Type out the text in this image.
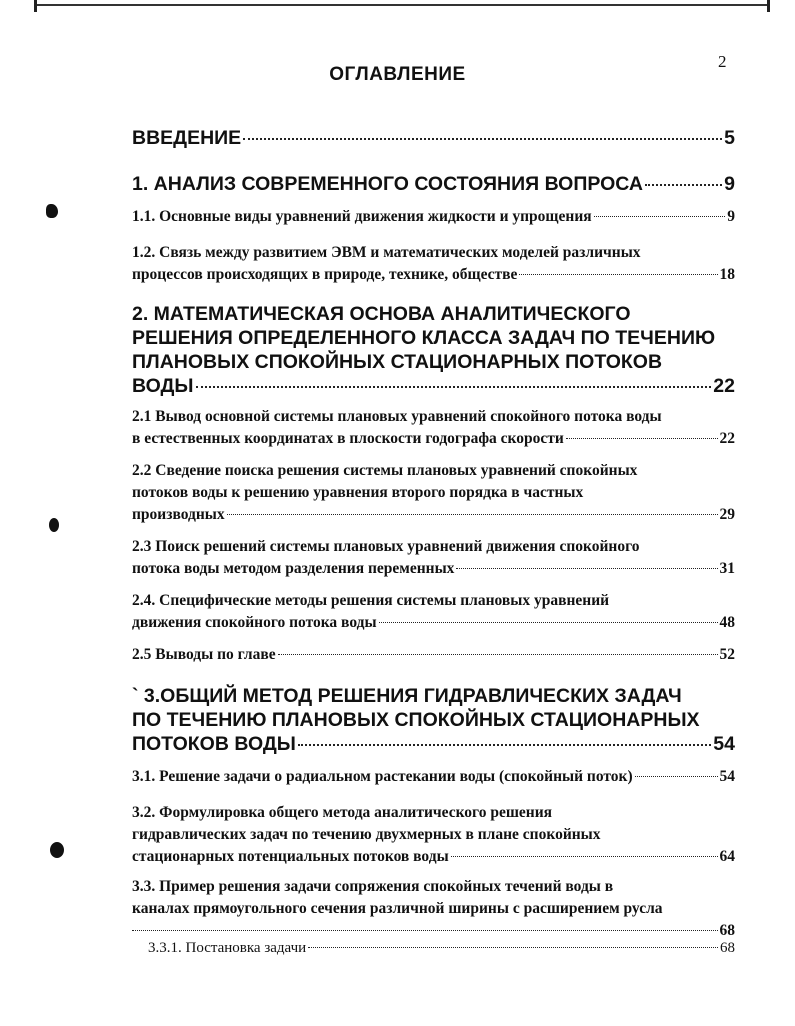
2
ОГЛАВЛЕНИЕ
ВВЕДЕНИЕ	5
1. АНАЛИЗ СОВРЕМЕННОГО СОСТОЯНИЯ ВОПРОСА	9
1.1. Основные виды уравнений движения жидкости и упрощения	9
1.2. Связь между развитием ЭВМ и математических моделей различных
процессов происходящих в природе, технике, обществе	18
2. МАТЕМАТИЧЕСКАЯ ОСНОВА АНАЛИТИЧЕСКОГО
РЕШЕНИЯ ОПРЕДЕЛЕННОГО КЛАССА ЗАДАЧ ПО ТЕЧЕНИЮ
ПЛАНОВЫХ СПОКОЙНЫХ СТАЦИОНАРНЫХ ПОТОКОВ
ВОДЫ	22
2.1 Вывод основной системы плановых уравнений спокойного потока воды
в естественных координатах в плоскости годографа скорости	22
2.2 Сведение поиска решения системы плановых уравнений спокойных
потоков воды к решению уравнения второго порядка в частных
производных	29
2.3 Поиск решений системы плановых уравнений движения спокойного
потока воды методом разделения переменных	31
2.4. Специфические методы решения системы плановых уравнений
движения спокойного потока воды	48
2.5 Выводы по главе	52
` 3.ОБЩИЙ МЕТОД РЕШЕНИЯ ГИДРАВЛИЧЕСКИХ ЗАДАЧ
ПО ТЕЧЕНИЮ ПЛАНОВЫХ СПОКОЙНЫХ СТАЦИОНАРНЫХ
ПОТОКОВ ВОДЫ	54
3.1. Решение задачи о радиальном растекании воды (спокойный поток)	54
3.2. Формулировка общего метода аналитического решения
гидравлических задач по течению двухмерных в плане спокойных
стационарных потенциальных потоков воды	64
3.3. Пример решения задачи сопряжения спокойных течений воды в
каналах прямоугольного сечения различной ширины с расширением русла
68
3.3.1. Постановка задачи	68
